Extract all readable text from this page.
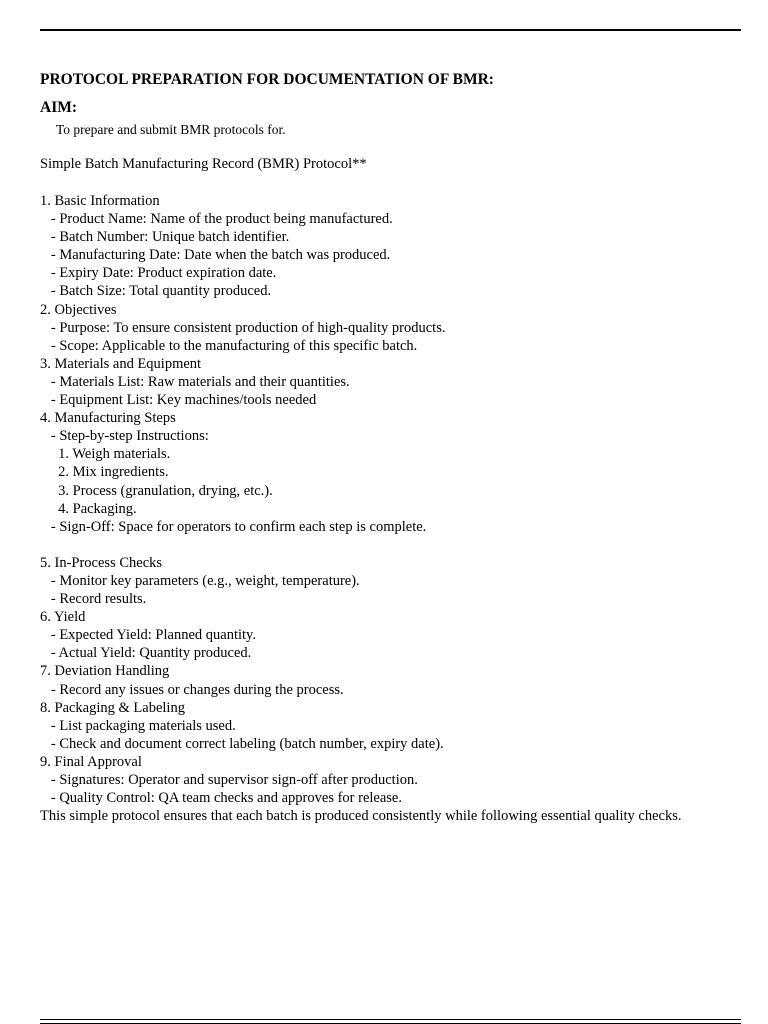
PROTOCOL PREPARATION FOR DOCUMENTATION OF BMR:
AIM:
To prepare and submit BMR protocols for.
Simple Batch Manufacturing Record (BMR) Protocol**
1. Basic Information
- Product Name: Name of the product being manufactured.
- Batch Number: Unique batch identifier.
- Manufacturing Date: Date when the batch was produced.
- Expiry Date: Product expiration date.
- Batch Size: Total quantity produced.
2. Objectives
- Purpose: To ensure consistent production of high-quality products.
- Scope: Applicable to the manufacturing of this specific batch.
3. Materials and Equipment
- Materials List: Raw materials and their quantities.
- Equipment List: Key machines/tools needed
4. Manufacturing Steps
- Step-by-step Instructions:
1. Weigh materials.
2. Mix ingredients.
3. Process (granulation, drying, etc.).
4. Packaging.
- Sign-Off: Space for operators to confirm each step is complete.
5. In-Process Checks
- Monitor key parameters (e.g., weight, temperature).
- Record results.
6. Yield
- Expected Yield: Planned quantity.
- Actual Yield: Quantity produced.
7. Deviation Handling
- Record any issues or changes during the process.
8. Packaging & Labeling
- List packaging materials used.
- Check and document correct labeling (batch number, expiry date).
9. Final Approval
- Signatures: Operator and supervisor sign-off after production.
- Quality Control: QA team checks and approves for release.
This simple protocol ensures that each batch is produced consistently while following essential quality checks.
